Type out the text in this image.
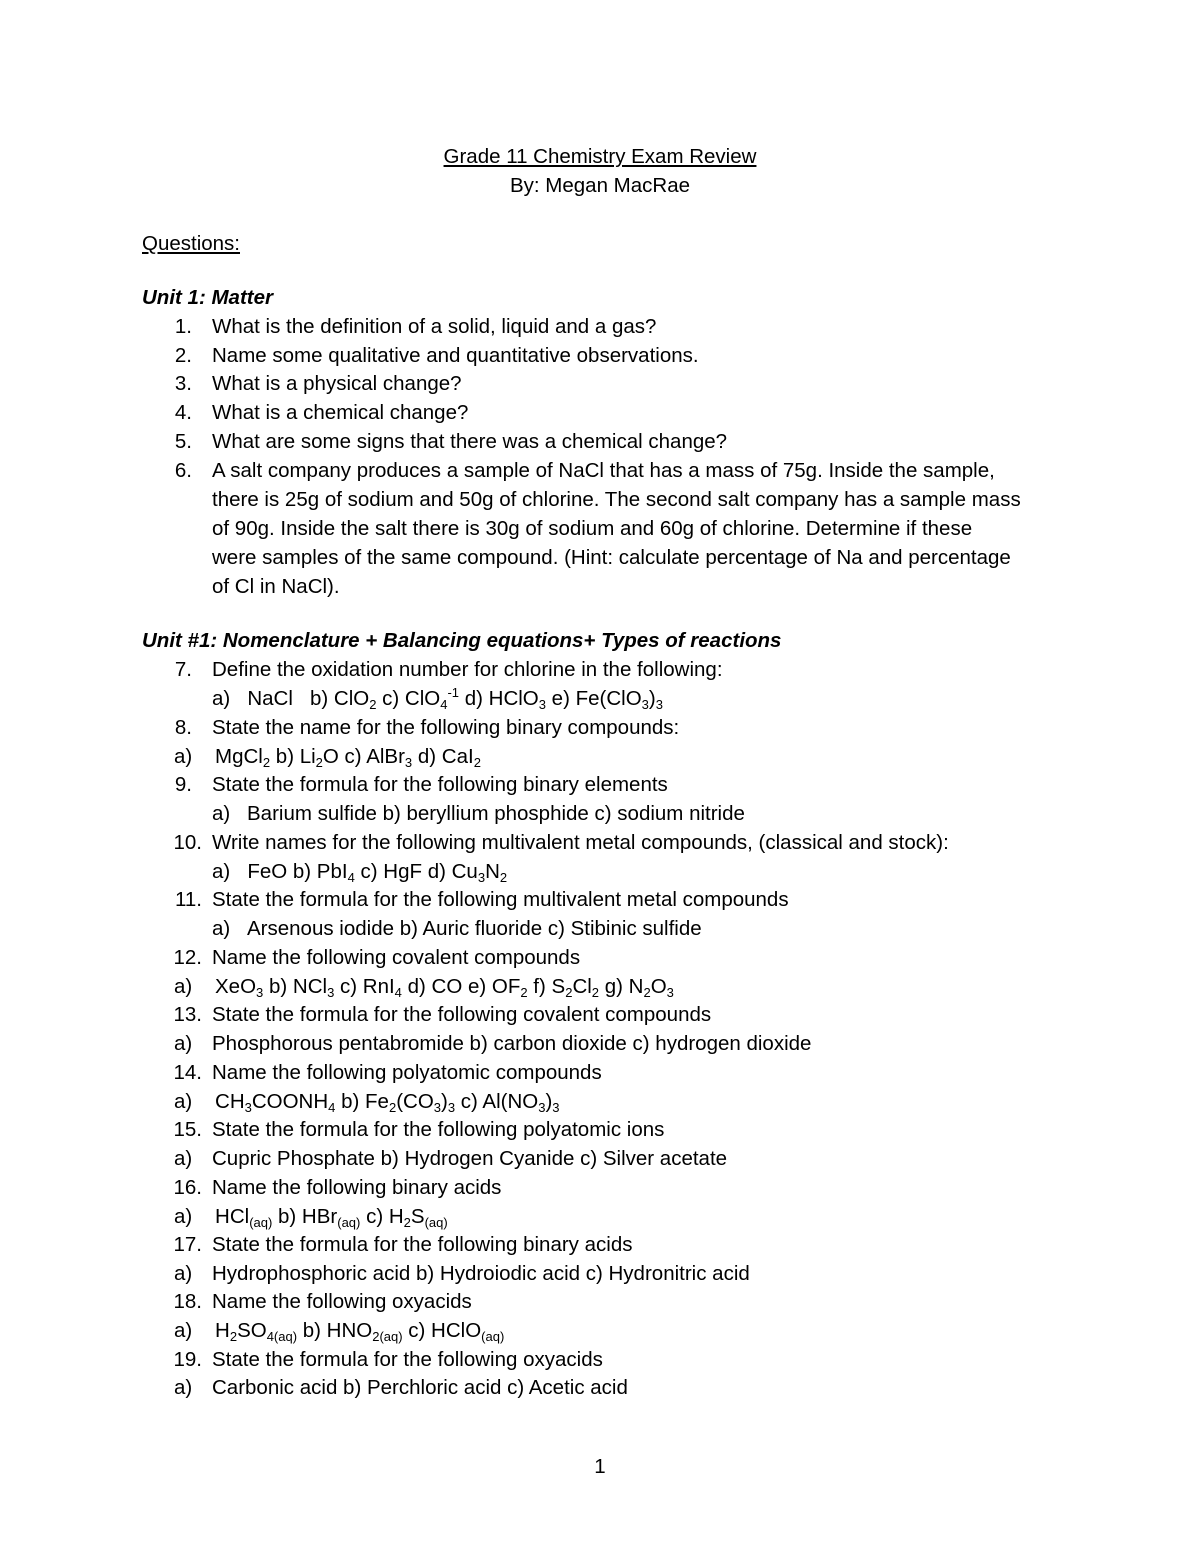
Grade 11 Chemistry Exam Review
By: Megan MacRae
Questions:
Unit 1: Matter
1. What is the definition of a solid, liquid and a gas?
2. Name some qualitative and quantitative observations.
3. What is a physical change?
4. What is a chemical change?
5. What are some signs that there was a chemical change?
6. A salt company produces a sample of NaCl that has a mass of 75g. Inside the sample,
there is 25g of sodium and 50g of chlorine. The second salt company has a sample mass
of 90g. Inside the salt there is 30g of sodium and 60g of chlorine. Determine if these
were samples of the same compound. (Hint: calculate percentage of Na and percentage
of Cl in NaCl).
Unit #1: Nomenclature + Balancing equations+ Types of reactions
7. Define the oxidation number for chlorine in the following:
a)   NaCl   b) ClO$_2$ c) ClO$_4^{-1}$ d) HClO$_3$ e) $Fe(ClO_3)_3$
8. State the name for the following binary compounds:
a)    MgCl$_2$ b) $Li_2O$ c) AlBr$_3$ d) CaI$_2$
9. State the formula for the following binary elements
a) Barium sulfide b) beryllium phosphide c) sodium nitride
10. Write names for the following multivalent metal compounds, (classical and stock):
a)   FeO b) PbI$_4$ c) HgF d) $Cu_3N_2$
11. State the formula for the following multivalent metal compounds
a) Arsenous iodide b) Auric fluoride c) Stibinic sulfide
12. Name the following covalent compounds
a)    XeO$_3$ b) NCl$_3$ c) RnI$_4$ d) CO e) $OF_2$ f) $S_2Cl_2$ g) $N_2O_3$
13. State the formula for the following covalent compounds
a) Phosphorous pentabromide b) carbon dioxide c) hydrogen dioxide
14. Name the following polyatomic compounds
a)    $CH_3COONH_4$ b) $Fe_2(CO_3)_3$ c) $Al(NO_3)_3$
15. State the formula for the following polyatomic ions
a) Cupric Phosphate b) Hydrogen Cyanide c) Silver acetate
16. Name the following binary acids
a)    HCl$_{(aq)}$ b) HBr$_{(aq)}$ c) $H_2S_{(aq)}$
17. State the formula for the following binary acids
a) Hydrophosphoric acid b) Hydroiodic acid c) Hydronitric acid
18. Name the following oxyacids
a)    $H_2SO_{4(aq)}$ b) $HNO_{2(aq)}$ c) HClO$_{(aq)}$
19. State the formula for the following oxyacids
a) Carbonic acid b) Perchloric acid c) Acetic acid
1
